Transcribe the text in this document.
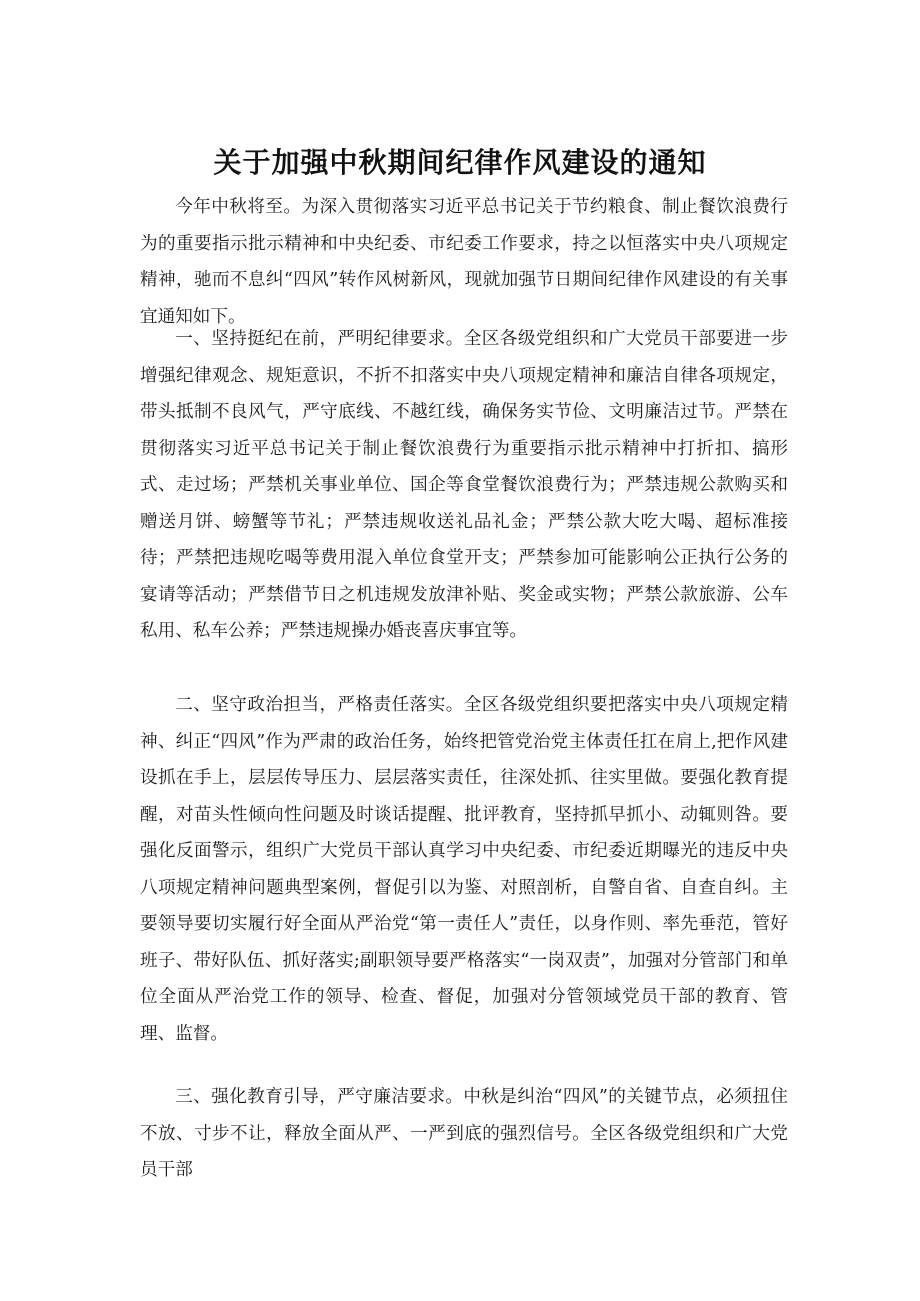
关于加强中秋期间纪律作风建设的通知

今年中秋将至。为深入贯彻落实习近平总书记关于节约粮食、制止餐饮浪费行为的重要指示批示精神和中央纪委、市纪委工作要求，持之以恒落实中央八项规定精神，驰而不息纠“四风”转作风树新风，现就加强节日期间纪律作风建设的有关事宜通知如下。

一、坚持挺纪在前，严明纪律要求。全区各级党组织和广大党员干部要进一步增强纪律观念、规矩意识，不折不扣落实中央八项规定精神和廉洁自律各项规定，带头抵制不良风气，严守底线、不越红线，确保务实节俭、文明廉洁过节。严禁在贯彻落实习近平总书记关于制止餐饮浪费行为重要指示批示精神中打折扣、搞形式、走过场；严禁机关事业单位、国企等食堂餐饮浪费行为；严禁违规公款购买和赠送月饼、螃蟹等节礼；严禁违规收送礼品礼金；严禁公款大吃大喝、超标准接待；严禁把违规吃喝等费用混入单位食堂开支；严禁参加可能影响公正执行公务的宴请等活动；严禁借节日之机违规发放津补贴、奖金或实物；严禁公款旅游、公车私用、私车公养；严禁违规操办婚丧喜庆事宜等。

二、坚守政治担当，严格责任落实。全区各级党组织要把落实中央八项规定精神、纠正“四风”作为严肃的政治任务，始终把管党治党主体责任扛在肩上,把作风建设抓在手上，层层传导压力、层层落实责任，往深处抓、往实里做。要强化教育提醒，对苗头性倾向性问题及时谈话提醒、批评教育，坚持抓早抓小、动辄则咎。要强化反面警示，组织广大党员干部认真学习中央纪委、市纪委近期曝光的违反中央八项规定精神问题典型案例，督促引以为鉴、对照剖析，自警自省、自查自纠。主要领导要切实履行好全面从严治党“第一责任人”责任，以身作则、率先垂范，管好班子、带好队伍、抓好落实;副职领导要严格落实“一岗双责”，加强对分管部门和单位全面从严治党工作的领导、检查、督促，加强对分管领域党员干部的教育、管理、监督。

三、强化教育引导，严守廉洁要求。中秋是纠治“四风”的关键节点，必须扭住不放、寸步不让，释放全面从严、一严到底的强烈信号。全区各级党组织和广大党员干部
